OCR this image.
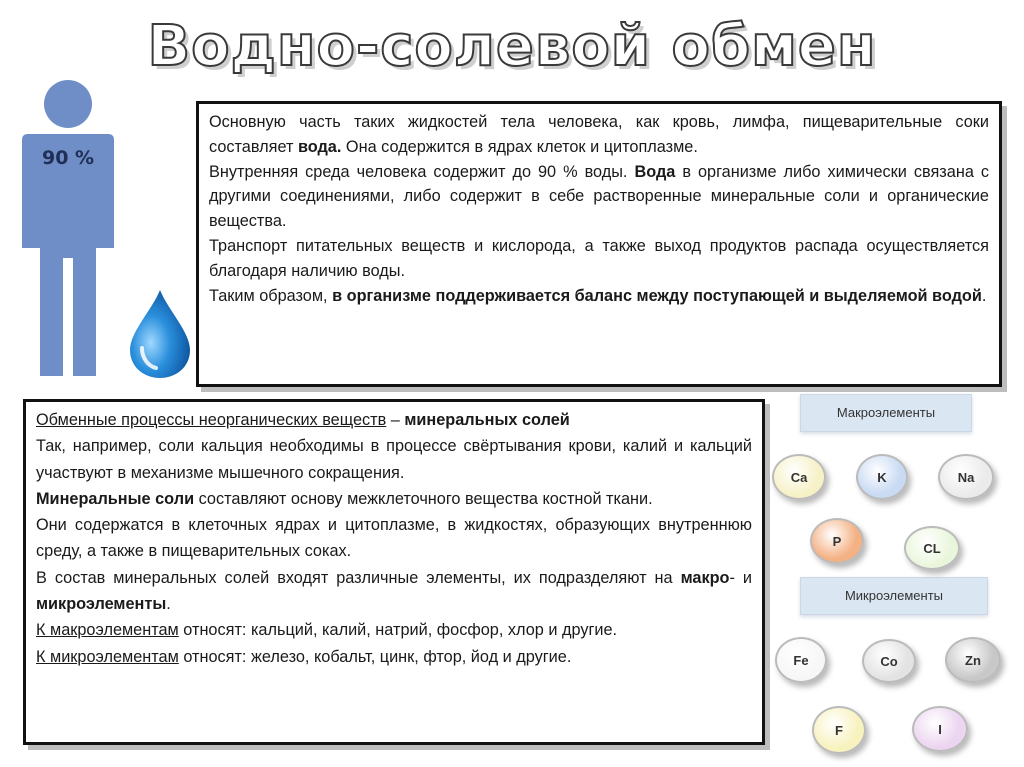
Водно-солевой обмен
90 %

Основную часть таких жидкостей тела человека, как кровь, лимфа, пищеварительные соки составляет вода. Она содержится в ядрах клеток и цитоплазме.

Внутренняя среда человека содержит до 90 % воды. Вода в организме либо химически связана с другими соединениями, либо содержит в себе растворенные минеральные соли и органические вещества.

Транспорт питательных веществ и кислорода, а также выход продуктов распада осуществляется благодаря наличию воды.

Таким образом, в организме поддерживается баланс между поступающей и выделяемой водой.

Обменные процессы неорганических веществ – минеральных солей

Так, например, соли кальция необходимы в процессе свёртывания крови, калий и кальций участвуют в механизме мышечного сокращения.

Минеральные соли составляют основу межклеточного вещества костной ткани.

Они содержатся в клеточных ядрах и цитоплазме, в жидкостях, образующих внутреннюю среду, а также в пищеварительных соках.

В состав минеральных солей входят различные элементы, их подразделяют на макро- и микроэлементы.

К макроэлементам относят: кальций, калий, натрий, фосфор, хлор и другие.

К микроэлементам относят: железо, кобальт, цинк, фтор, йод и другие.

Макроэлементы
Микроэлементы
Ca	K	Na
P	CL
Fe	Co	Zn
F	I
